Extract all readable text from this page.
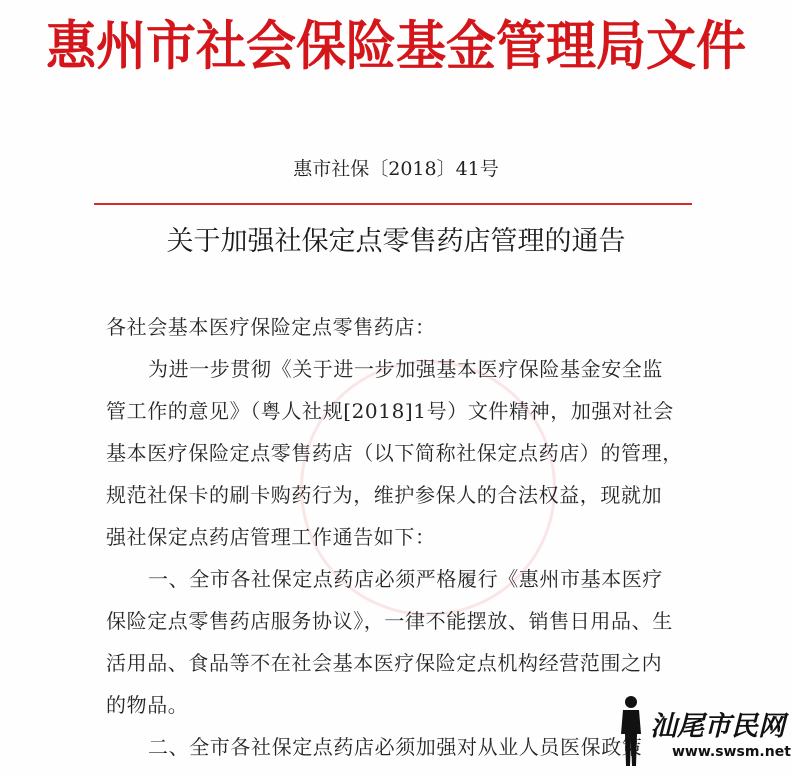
惠州市社会保险基金管理局文件
惠市社保〔2018〕41号
关于加强社保定点零售药店管理的通告
各社会基本医疗保险定点零售药店：
为进一步贯彻《关于进一步加强基本医疗保险基金安全监
管工作的意见》（粤人社规[2018]1号）文件精神，加强对社会
基本医疗保险定点零售药店（以下简称社保定点药店）的管理，
规范社保卡的刷卡购药行为，维护参保人的合法权益，现就加
强社保定点药店管理工作通告如下：
一、全市各社保定点药店必须严格履行《惠州市基本医疗
保险定点零售药店服务协议》，一律不能摆放、销售日用品、生
活用品、食品等不在社会基本医疗保险定点机构经营范围之内
的物品。
二、全市各社保定点药店必须加强对从业人员医保政策
汕尾市民网
www.swsm.net
